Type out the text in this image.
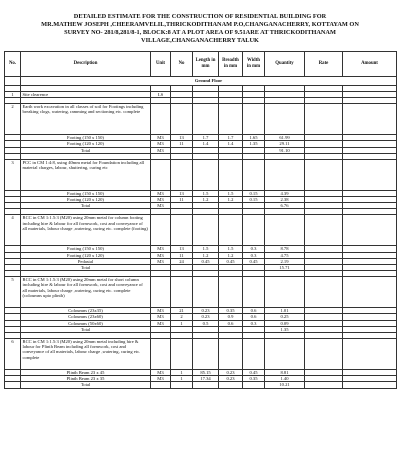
DETAILED ESTIMATE FOR THE CONSTRUCTION OF RESIDENTIAL BUILDING FOR
MR.MATHEW JOSEPH ,CHEERAMVELIL,THRICKODITHANAM P.O,CHANGANACHERRY, KOTTAYAM ON
SURVEY NO- 281/8,281/8-1, BLOCK:8 AT A PLOT AREA OF 9.51ARE AT THRICKODITHANAM
VILLAGE,CHANGANACHERRY TALUK
No.	Description	Unit	No	Length in mm	Breadth in mm	Width in mm	Quantity	Rate	Amount
	Ground Floor								

1	Site clearence	LS							

2	Earth work excavation in all classes of soil for Footings including breaking clogs, watering, ramming and sectioning etc. complete								
	Footing (150 x 150)	M3	13	1.7	1.7	1.65	61.99		
	Footing (120 x 120)	M3	11	1.4	1.4	1.35	29.11		
	Total	M3					91.10		

3	PCC in CM 1:4:8, using 40mm metal for Foundation including all material charges, labour, shuttering, curing etc								
	Footing (150 x 150)	M3	13	1.5	1.5	0.15	4.39		
	Footing (120 x 120)	M3	11	1.2	1.2	0.15	2.38		
	Total	M3					6.76		

4	RCC in CM 1:1.5:3 (M20) using 20mm metal for column footing including hire & labour for all formwork, cost and conveyance of all materials, labour charge ,watering, curing etc. complete (footing)								
	Footing (150 x 150)	M3	13	1.5	1.5	0.3	8.78		
	Footing (120 x 120)	M3	11	1.2	1.2	0.3	4.75		
	Pedastal	M3	24	0.45	0.45	0.45	2.19		
	Total						15.71		

5	RCC in CM 1:1.5:3 (M20) using 20mm metal for short column including hire & labour for all formwork, cost and conveyance of all materials, labour charge ,watering, curing etc. complete (coloumns upto plinth)								
	Coloumns (23x35)	M3	21	0.23	0.35	0.6	1.01		
	Coloumns (23x60)	M3	2	0.23	0.9	0.6	0.25		
	Coloumns (50x60)	M3	1	0.5	0.6	0.3	0.09		
	Total						1.35		

6	RCC in CM 1:1.5:3 (M20) using 20mm metal including hire & labour for Plinth Beam including all formwork, cost and conveyance of all materials, labour charge ,watering, curing etc. complete								
	Plinth Beam 23 x 45	M3	1	85.15	0.23	0.45	8.81		
	Plinth Beam 23 x 35	M3	1	17.34	0.23	0.35	1.40		
	Total						10.21		
